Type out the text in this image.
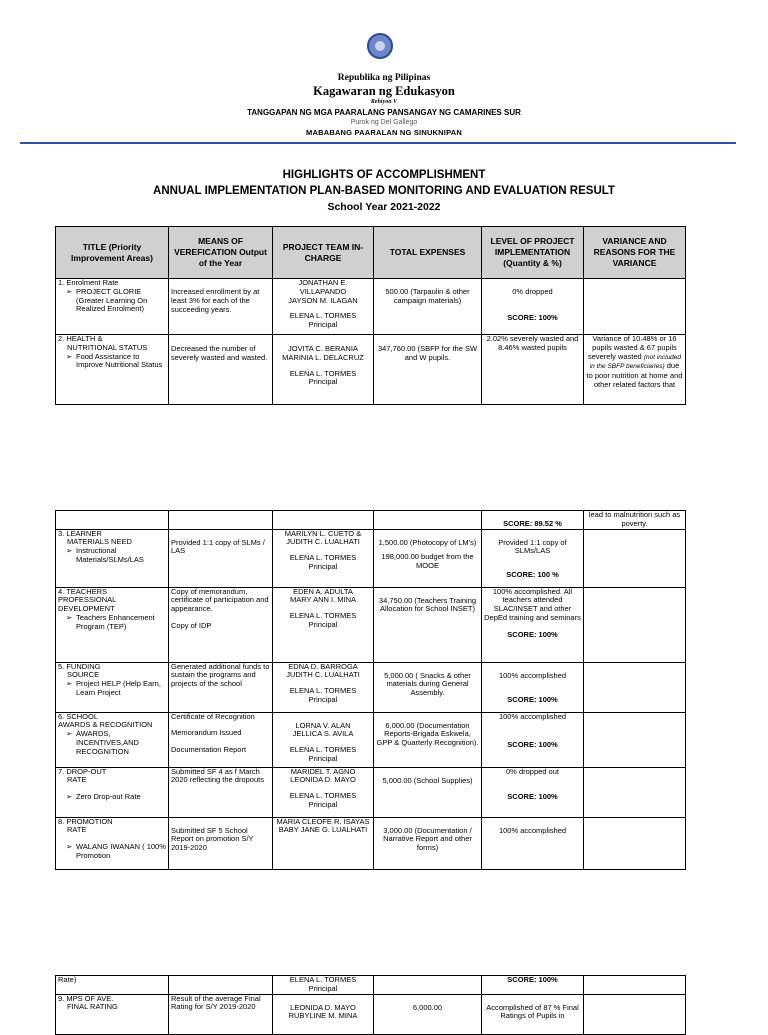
Republika ng Pilipinas
Kagawaran ng Edukasyon
Rehiyon V
TANGGAPAN NG MGA PAARALANG PANSANGAY NG CAMARINES SUR
Purok ng Del Gallego
MABABANG PAARALAN NG SINUKNIPAN
HIGHLIGHTS OF ACCOMPLISHMENT
ANNUAL IMPLEMENTATION PLAN-BASED MONITORING AND EVALUATION RESULT
School Year 2021-2022
TITLE (Priority Improvement Areas)	MEANS OF VEREFICATION Output of the Year	PROJECT TEAM IN-CHARGE	TOTAL EXPENSES	LEVEL OF PROJECT IMPLEMENTATION (Quantity & %)	VARIANCE AND REASONS FOR THE VARIANCE

1. Enrolment Rate
➢ PROJECT GLORIE (Greater Learning On Realized Enrolment)	Increased enrollment by at least 3% for each of the succeeding years.	JONATHAN E. VILLAPANDO
JAYSON M. ILAGAN
ELENA L. TORMES
Principal	500.00 (Tarpaulin & other campaign materials)	0% dropped
SCORE: 100%	

2. HEALTH &
NUTRITIONAL STATUS
➢ Food Assistance to Improve Nutritional Status	Decreased the number of severely wasted and wasted.	JOVITA C. BERANIA
MARINIA L. DELACRUZ
ELENA L. TORMES
Principal	347,760.00 (SBFP for the SW and W pupils.	2.02% severely wasted and 8.46% wasted pupils	Variance of 10.48% or 16 pupils wasted & 67 pupils severely wasted (not included in the SBFP beneficiaries) due to poor nutrition at home and other related factors that
				SCORE: 89.52 %	lead to malnutrition such as poverty.

3. LEARNER
MATERIALS NEED
➢ Instructional Materials/SLMs/LAS	Provided 1:1 copy of SLMs / LAS	MARILYN L. CUETO &
JUDITH C. LUALHATI
ELENA L. TORMES
Principal	1,500.00 (Photocopy of LM's)
198,000.00 budget from the MOOE	Provided 1:1 copy of SLMs/LAS
SCORE: 100 %	

4. TEACHERS
PROFESSIONAL DEVELOPMENT
➢ Teachers Enhancement Program (TEP)	Copy of memorandum, certificate of participation and appearance.
Copy of IDP	EDEN A. ADULTA
MARY ANN I. MINA
ELENA L. TORMES
Principal	34,750.00 (Teachers Training Allocation for School INSET)	100% accomplished. All teachers attended SLAC/INSET and other DepEd training and seminars
SCORE: 100%	

5. FUNDING
SOURCE
➢ Project HELP (Help Earn, Learn Project	Generated additional funds to sustain the programs and projects of the school	EDNA D. BARROGA
JUDITH C. LUALHATI
ELENA L. TORMES
Principal	5,000.00 ( Snacks & other materials during General Assembly.	100% accomplished
SCORE: 100%	

6. SCHOOL
AWARDS & RECOGNITION
➢ AWARDS, INCENTIVES,AND RECOGNITION	Certificate of Recognition
Memorandum Issued
Documentation Report	LORNA V. ALAN
JELLICA S. AVILA
ELENA L. TORMES
Principal	6,000.00 (Documentation Reports-Brigada Eskwela, GPP & Quarterly Recognition).	100% accomplished
SCORE: 100%	

7. DROP-OUT
RATE
➢ Zero Drop-out Rate	Submitted SF 4 as f March 2020 reflecting the dropouts	MARIDEL T. AGNO
LEONIDA D. MAYO
ELENA L. TORMES
Principal	5,000.00 (School Supplies)	0% dropped out
SCORE: 100%	

8. PROMOTION
RATE
➢ WALANG IWANAN ( 100% Promotion	Submitted SF 5 School Report on promotion S/Y 2019-2020	MARIA CLEOFE R. ISAYAS
BABY JANE G. LUALHATI	3,000.00 (Documentation / Narrative Report and other forms)	100% accomplished	

Rate)		ELENA L. TORMES
Principal		SCORE: 100%	

9. MPS OF AVE.
FINAL RATING	Result of the average Final Rating for S/Y 2019-2020	LEONIDA D. MAYO
RUBYLINE M. MINA	6,000.00	Accomplished of 87 % Final Ratings of Pupils in	
